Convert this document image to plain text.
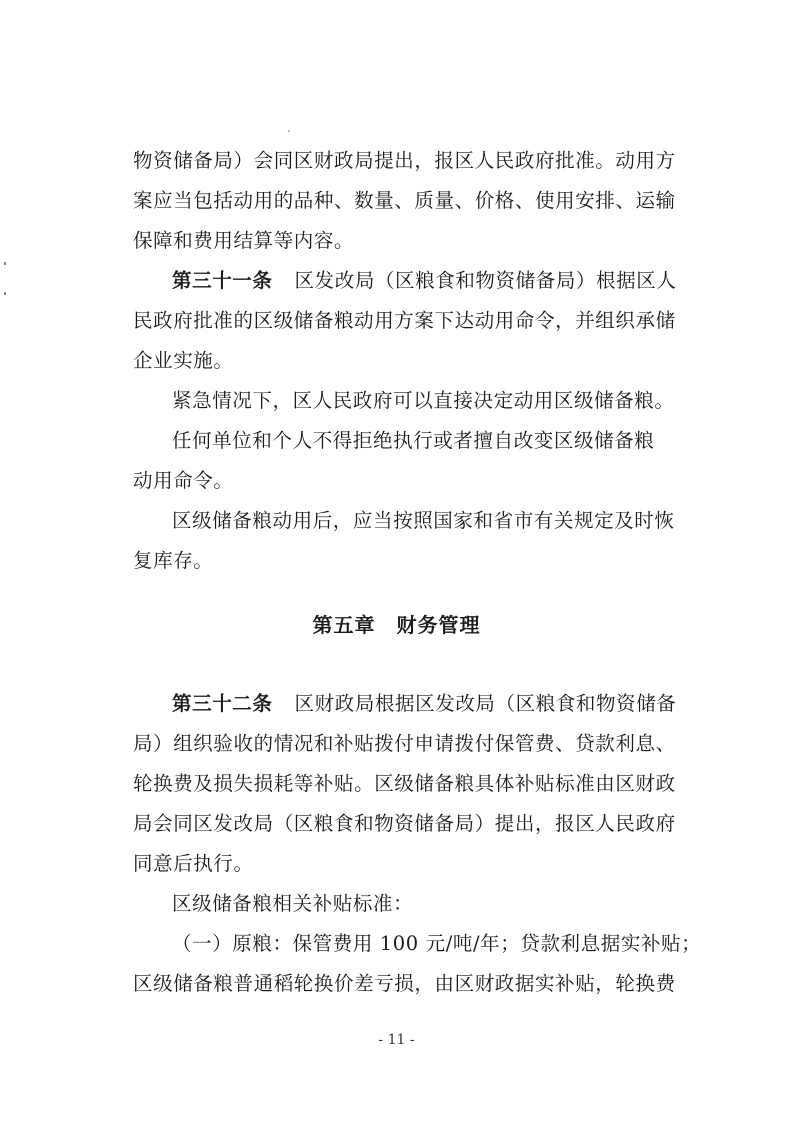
物资储备局）会同区财政局提出，报区人民政府批准。动用方
案应当包括动用的品种、数量、质量、价格、使用安排、运输
保障和费用结算等内容。
第三十一条 区发改局（区粮食和物资储备局）根据区人
民政府批准的区级储备粮动用方案下达动用命令，并组织承储
企业实施。
紧急情况下，区人民政府可以直接决定动用区级储备粮。
任何单位和个人不得拒绝执行或者擅自改变区级储备粮
动用命令。
区级储备粮动用后，应当按照国家和省市有关规定及时恢
复库存。
第五章　财务管理
第三十二条 区财政局根据区发改局（区粮食和物资储备
局）组织验收的情况和补贴拨付申请拨付保管费、贷款利息、
轮换费及损失损耗等补贴。区级储备粮具体补贴标准由区财政
局会同区发改局（区粮食和物资储备局）提出，报区人民政府
同意后执行。
区级储备粮相关补贴标准：
（一）原粮：保管费用 100 元/吨/年；贷款利息据实补贴；
区级储备粮普通稻轮换价差亏损，由区财政据实补贴，轮换费
- 11 -
